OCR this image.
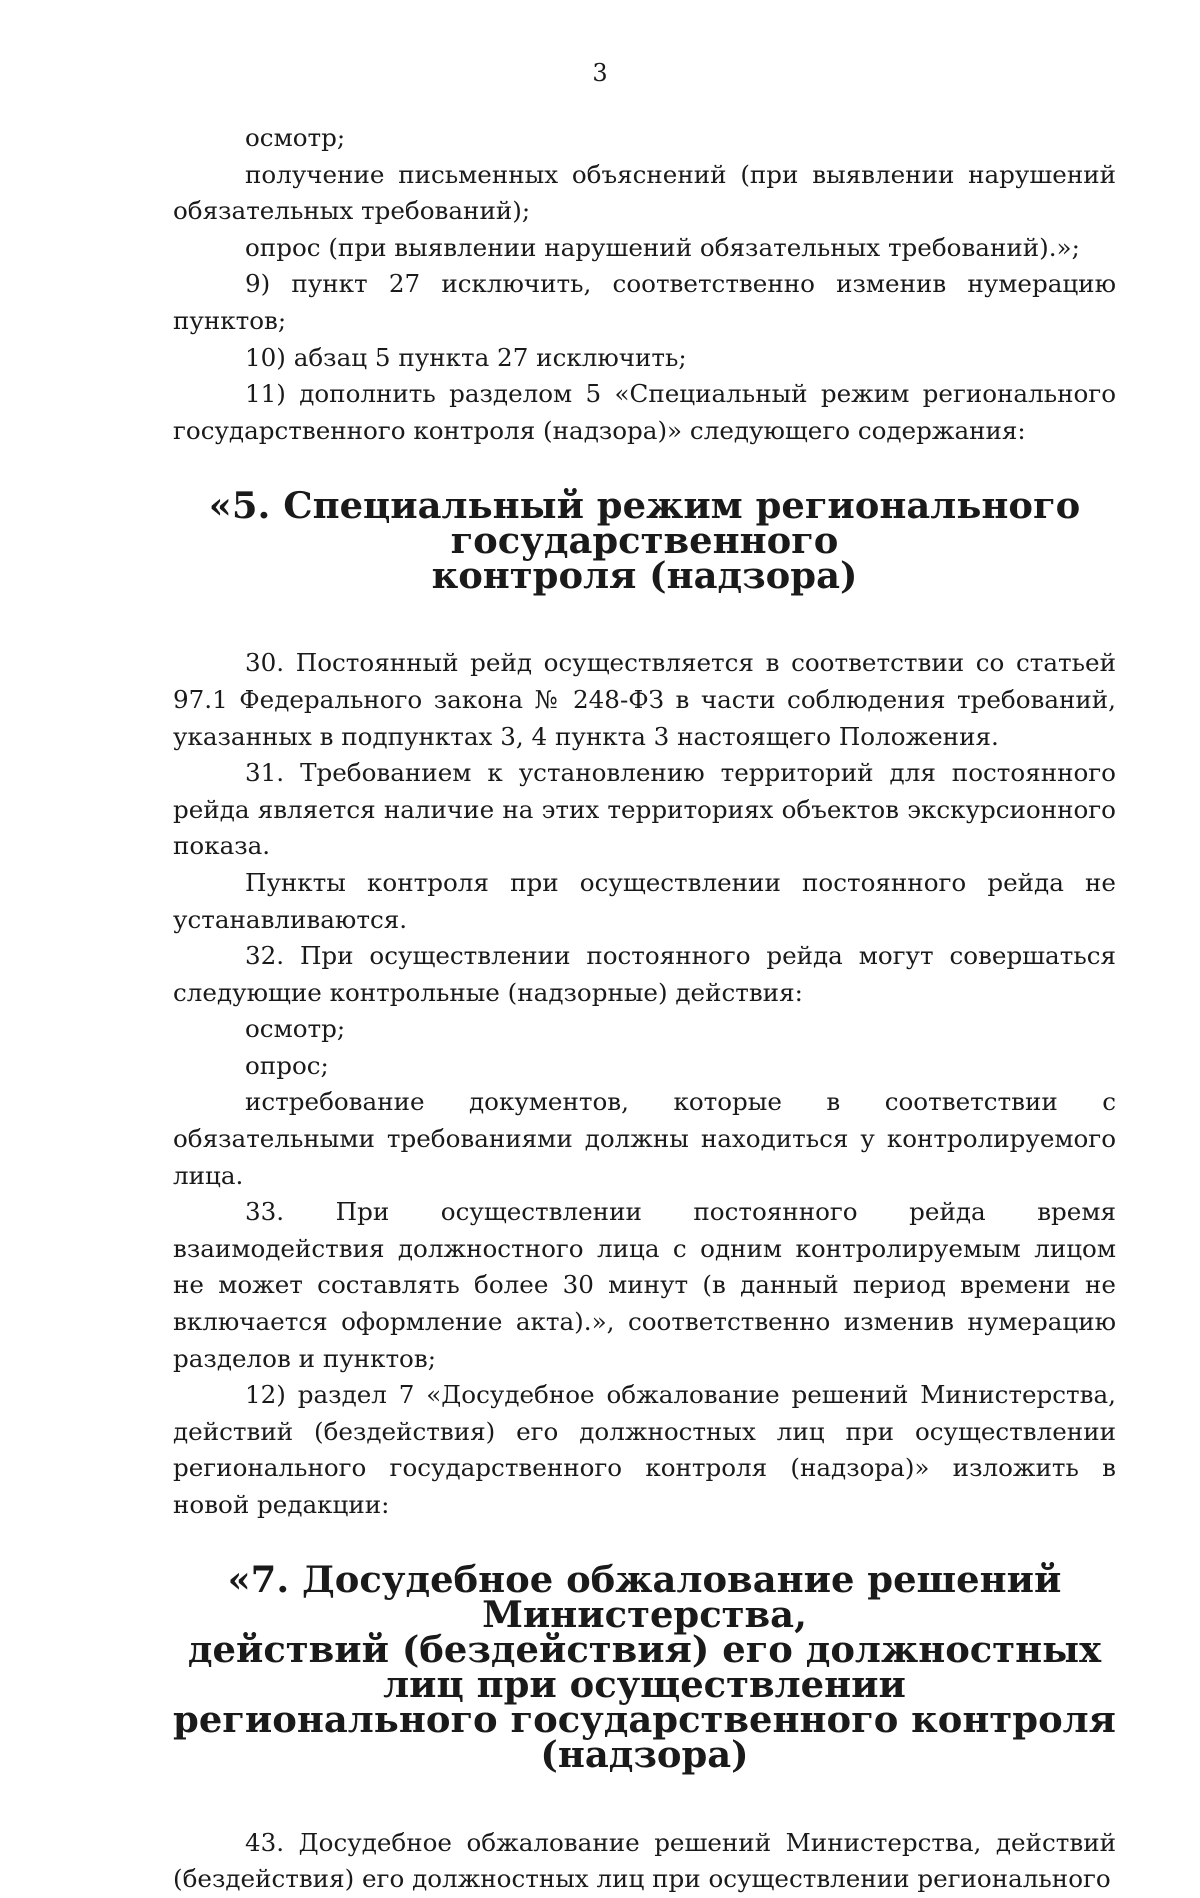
3

осмотр;

получение письменных объяснений (при выявлении нарушений обязательных требований);

опрос (при выявлении нарушений обязательных требований).»;

9) пункт 27 исключить, соответственно изменив нумерацию пунктов;

10) абзац 5 пункта 27 исключить;

11) дополнить разделом 5 «Специальный режим регионального государственного контроля (надзора)» следующего содержания:

«5. Специальный режим регионального государственного
контроля (надзора)

30. Постоянный рейд осуществляется в соответствии со статьей 97.1 Федерального закона № 248-ФЗ в части соблюдения требований, указанных в подпунктах 3, 4 пункта 3 настоящего Положения.

31. Требованием к установлению территорий для постоянного рейда является наличие на этих территориях объектов экскурсионного показа.

Пункты контроля при осуществлении постоянного рейда не устанавливаются.

32. При осуществлении постоянного рейда могут совершаться следующие контрольные (надзорные) действия:

осмотр;

опрос;

истребование документов, которые в соответствии с обязательными требованиями должны находиться у контролируемого лица.

33. При осуществлении постоянного рейда время взаимодействия должностного лица с одним контролируемым лицом не может составлять более 30 минут (в данный период времени не включается оформление акта).», соответственно изменив нумерацию разделов и пунктов;

12) раздел 7 «Досудебное обжалование решений Министерства, действий (бездействия) его должностных лиц при осуществлении регионального государственного контроля (надзора)» изложить в новой редакции:

«7. Досудебное обжалование решений Министерства,
действий (бездействия) его должностных лиц при осуществлении
регионального государственного контроля (надзора)

43. Досудебное обжалование решений Министерства, действий (бездействия) его должностных лиц при осуществлении регионального
